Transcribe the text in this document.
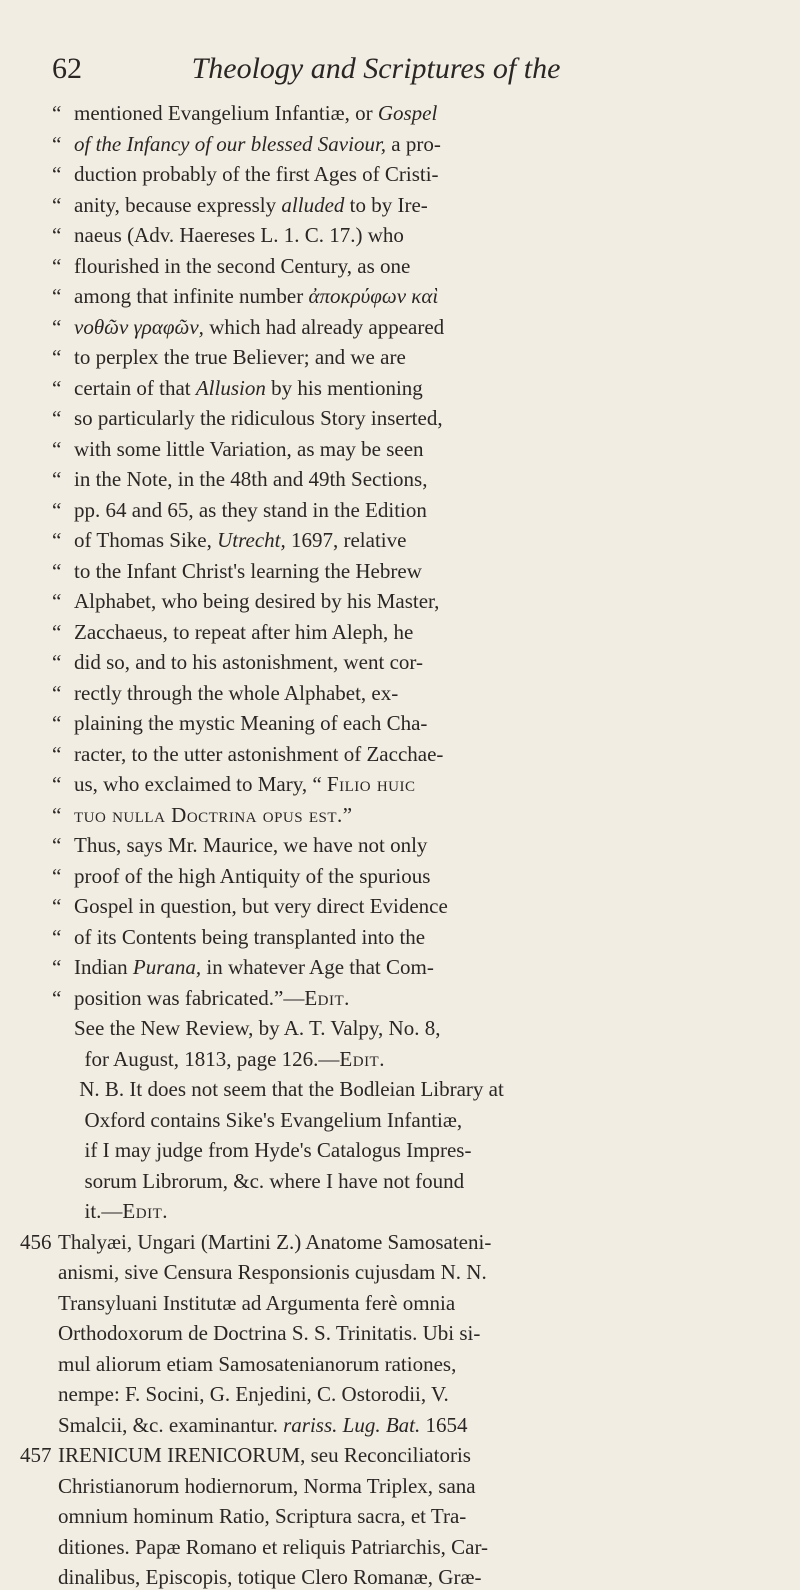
62	Theology and Scriptures of the
“ mentioned Evangelium Infantiæ, or Gospel
“ of the Infancy of our blessed Saviour, a pro-
“ duction probably of the first Ages of Cristi-
“ anity, because expressly alluded to by Ire-
“ naeus (Adv. Haereses L. 1. C. 17.) who
“ flourished in the second Century, as one
“ among that infinite number ἀποκρύφων καὶ
“ νοθῶν γραφῶν, which had already appeared
“ to perplex the true Believer; and we are
“ certain of that Allusion by his mentioning
“ so particularly the ridiculous Story inserted,
“ with some little Variation, as may be seen
“ in the Note, in the 48th and 49th Sections,
“ pp. 64 and 65, as they stand in the Edition
“ of Thomas Sike, Utrecht, 1697, relative
“ to the Infant Christ's learning the Hebrew
“ Alphabet, who being desired by his Master,
“ Zacchaeus, to repeat after him Aleph, he
“ did so, and to his astonishment, went cor-
“ rectly through the whole Alphabet, ex-
“ plaining the mystic Meaning of each Cha-
“ racter, to the utter astonishment of Zacchae-
“ us, who exclaimed to Mary, “ Filio huic
“ tuo nulla Doctrina opus est.”
“ Thus, says Mr. Maurice, we have not only
“ proof of the high Antiquity of the spurious
“ Gospel in question, but very direct Evidence
“ of its Contents being transplanted into the
“ Indian Purana, in whatever Age that Com-
“ position was fabricated.”—Edit.
See the New Review, by A. T. Valpy, No. 8,
for August, 1813, page 126.—Edit.
N. B. It does not seem that the Bodleian Library at
Oxford contains Sike's Evangelium Infantiæ,
if I may judge from Hyde's Catalogus Impres-
sorum Librorum, &c. where I have not found
it.—Edit.
456 Thalyæi, Ungari (Martini Z.) Anatome Samosateni-
anismi, sive Censura Responsionis cujusdam N. N.
Transyluani Institutæ ad Argumenta ferè omnia
Orthodoxorum de Doctrina S. S. Trinitatis. Ubi si-
mul aliorum etiam Samosatenianorum rationes,
nempe: F. Socini, G. Enjedini, C. Ostorodii, V.
Smalcii, &c. examinantur. rariss. Lug. Bat. 1654
457 IRENICUM IRENICORUM, seu Reconciliatoris
Christianorum hodiernorum, Norma Triplex, sana
omnium hominum Ratio, Scriptura sacra, et Tra-
ditiones. Papæ Romano et reliquis Patriarchis, Car-
dinalibus, Episcopis, totique Clero Romanæ, Græ-
